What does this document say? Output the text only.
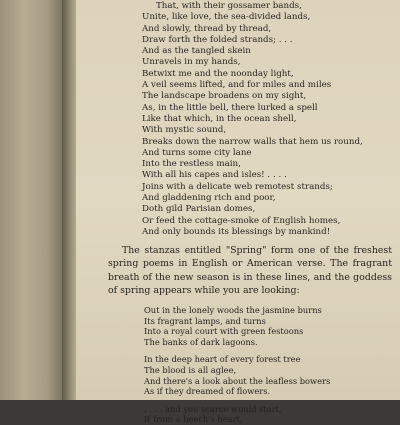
That, with their gossamer bands,
Unite, like love, the sea-divided lands,
And slowly, thread by thread,
Draw forth the folded strands; . . .
And as the tangled skein
Unravels in my hands,
Betwixt me and the noonday light,
A veil seems lifted, and for miles and miles
The landscape broadens on my sight,
As, in the little bell, there lurked a spell
Like that which, in the ocean shell,
With mystic sound,
Breaks down the narrow walls that hem us round,
And turns some city lane
Into the restless main,
With all his capes and isles! . . . .
Joins with a delicate web remotest strands;
And gladdening rich and poor,
Doth gild Parisian domes,
Or feed the cottage-smoke of English homes,
And only bounds its blessings by mankind!
The stanzas entitled "Spring" form one of the freshest spring poems in English or American verse. The fragrant breath of the new season is in these lines, and the goddess of spring appears while you are looking:
Out in the lonely woods the jasmine burns
Its fragrant lamps, and turns
Into a royal court with green festoons
The banks of dark lagoons.
In the deep heart of every forest tree
The blood is all aglee,
And there's a look about the leafless bowers
As if they dreamed of flowers.
. . . . and you scarce would start,
If from a beech's heart,
